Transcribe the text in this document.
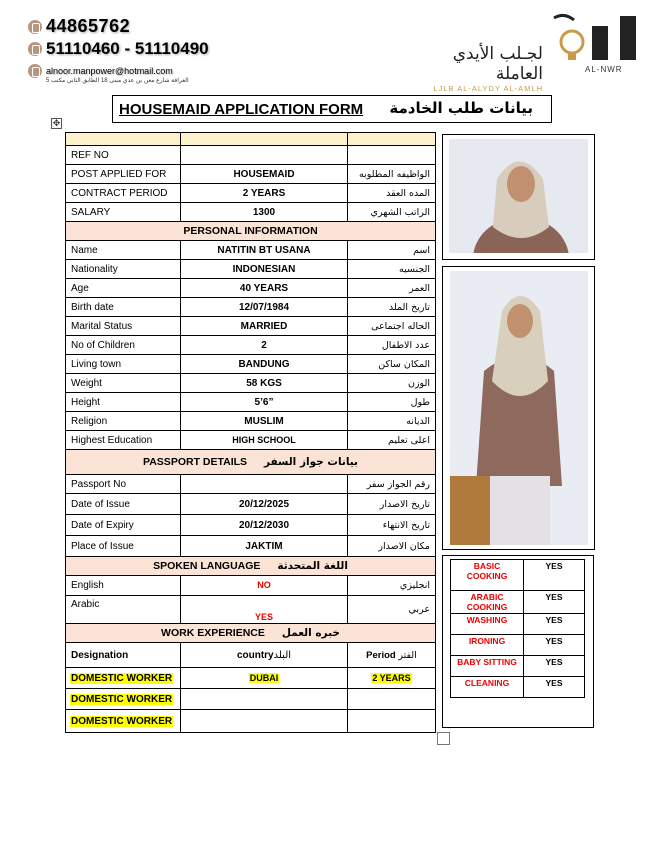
44865762
51110460 - 51110490
alnoor.manpower@hotmail.com
الغرافة شارع معن بن عدي مبنى 18 الطابق الثاني مكتب 5
لجـلب الأيدي العاملة
LJLB AL-ALYDY AL-AMLH
AL-NWR
✥
HOUSEMAID APPLICATION FORM بيانات طلب الخادمة

REF NO		
POST APPLIED FOR	HOUSEMAID	الواظيفه المطلوبه
CONTRACT PERIOD	2 YEARS	المده العقد
SALARY	1300	الراتب الشهري
PERSONAL INFORMATION		
Name	NATITIN BT USANA	اسم
Nationality	INDONESIAN	الجنسيه
Age	40 YEARS	العمر
Birth date	12/07/1984	تاريخ الملد
Marital Status	MARRIED	الحاله اجتماعى
No of Children	2	عدد الاطفال
Living town	BANDUNG	المكان ساكن
Weight	58 KGS	الوزن
Height	5’6”	طول
Religion	MUSLIM	الديانه
Highest Education	HIGH SCHOOL	اعلى تعليم
PASSPORT DETAILS بيانات جواز السفر		
Passport No		رقم الجواز سفر
Date of Issue	20/12/2025	تاريخ الاصدار
Date of Expiry	20/12/2030	تاريخ الانتهاء
Place of Issue	JAKTIM	مكان الاصدار
SPOKEN LANGUAGE اللغة المتحدثة		
English	NO	انجليزي
Arabic	YES	عربي
WORK EXPERIENCE خبره العمل		
Designation	countryالبلد	Period الفتر
DOMESTIC WORKER	DUBAI	2 YEARS
DOMESTIC WORKER		
DOMESTIC WORKER		
BASIC COOKING	YES
ARABIC COOKING	YES
WASHING	YES
IRONING	YES
BABY SITTING	YES
CLEANING	YES
